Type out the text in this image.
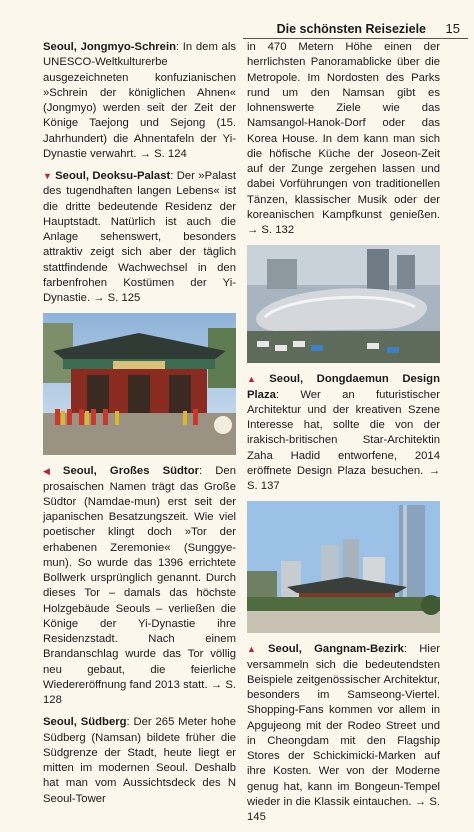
Die schönsten Reiseziele 15

Seoul, Jongmyo-Schrein: In dem als UNESCO-Weltkulturerbe ausgezeichneten konfuzianischen »Schrein der königlichen Ahnen« (Jongmyo) werden seit der Zeit der Könige Taejong und Sejong (15. Jahrhundert) die Ahnentafeln der Yi-Dynastie verwahrt. → S. 124

▼ Seoul, Deoksu-Palast: Der »Palast des tugendhaften langen Lebens« ist die dritte bedeutende Residenz der Hauptstadt. Natürlich ist auch die Anlage sehenswert, besonders attraktiv zeigt sich aber der täglich stattfindende Wachwechsel in den farbenfrohen Kostümen der Yi-Dynastie. → S. 125

◀ Seoul, Großes Südtor: Den prosaischen Namen trägt das Große Südtor (Namdae-mun) erst seit der japanischen Besatzungszeit. Wie viel poetischer klingt doch »Tor der erhabenen Zeremonie« (Sunggye-mun). So wurde das 1396 errichtete Bollwerk ursprünglich genannt. Durch dieses Tor – damals das höchste Holzgebäude Seouls – verließen die Könige der Yi-Dynastie ihre Residenzstadt. Nach einem Brandanschlag wurde das Tor völlig neu gebaut, die feierliche Wiedereröffnung fand 2013 statt. → S. 128

Seoul, Südberg: Der 265 Meter hohe Südberg (Namsan) bildete früher die Südgrenze der Stadt, heute liegt er mitten im modernen Seoul. Deshalb hat man vom Aussichtsdeck des N Seoul-Tower

in 470 Metern Höhe einen der herrlichsten Panoramablicke über die Metropole. Im Nordosten des Parks rund um den Namsan gibt es lohnenswerte Ziele wie das Namsangol-Hanok-Dorf oder das Korea House. In dem kann man sich die höfische Küche der Joseon-Zeit auf der Zunge zergehen lassen und dabei Vorführungen von traditionellen Tänzen, klassischer Musik oder der koreanischen Kampfkunst genießen. → S. 132

▲ Seoul, Dongdaemun Design Plaza: Wer an futuristischer Architektur und der kreativen Szene Interesse hat, sollte die von der irakisch-britischen Star-Architektin Zaha Hadid entworfene, 2014 eröffnete Design Plaza besuchen. → S. 137

▲ Seoul, Gangnam-Bezirk: Hier versammeln sich die bedeutendsten Beispiele zeitgenössischer Architektur, besonders im Samseong-Viertel. Shopping-Fans kommen vor allem in Apgujeong mit der Rodeo Street und in Cheongdam mit den Flagship Stores der Schickimicki-Marken auf ihre Kosten. Wer von der Moderne genug hat, kann im Bongeun-Tempel wieder in die Klassik eintauchen. → S. 145
